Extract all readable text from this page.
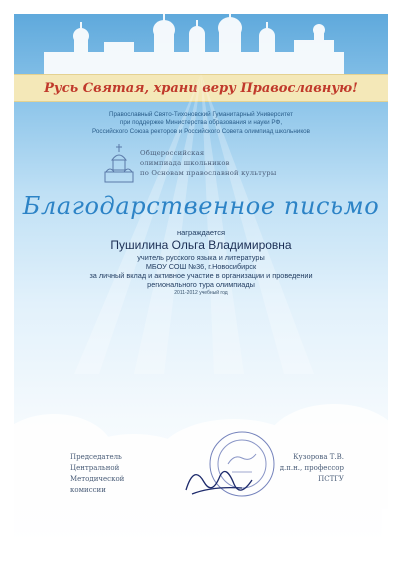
Русь Святая, храни веру Православную!
Православный Свято-Тихоновский Гуманитарный Университет
при поддержке Министерства образования и науки РФ,
Российского Союза ректоров и Российского Совета олимпиад школьников
Общероссийская
олимпиада школьников
по Основам православной культуры
Благодарственное письмо
награждается
Пушилина Ольга Владимировна
учитель русского языка и литературы
МБОУ СОШ №36, г.Новосибирск
за личный вклад и активное участие в организации и проведении
регионального тура олимпиады
2011-2012 учебный год
Председатель Центральной
Методической комиссии
Кузорова Т.В.
д.п.н., профессор ПСТГУ
